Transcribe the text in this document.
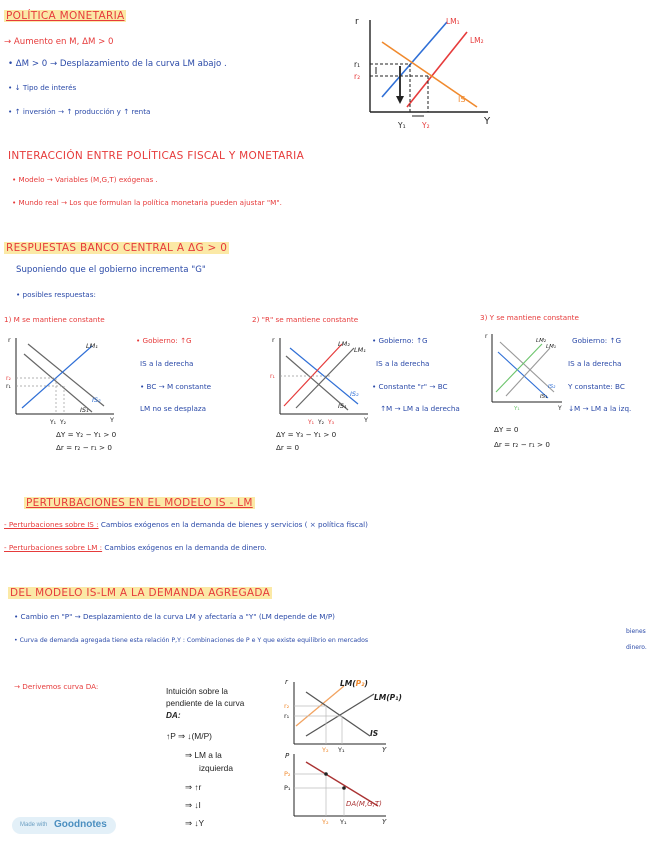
POLÍTICA MONETARIA
→ Aumento en M, ΔM > 0
• ΔM > 0 → Desplazamiento de la curva LM abajo .
• ↓ Tipo de interés
• ↑ inversión → ↑ producción y ↑ renta
r
Y
r₁
r₂
Y₁ Y₂
LM₁
LM₂
IS
INTERACCIÓN ENTRE POLÍTICAS FISCAL Y MONETARIA
• Modelo → Variables (M,G,T) exógenas .
• Mundo real → Los que formulan la política monetaria pueden ajustar "M".
RESPUESTAS BANCO CENTRAL A ΔG > 0
Suponiendo que el gobierno incrementa "G"
• posibles respuestas:
1) M se mantiene constante
r
Y
LM₁
IS₂
IS₁
r₂
r₁
Y₁ Y₂
• Gobierno: ↑G
IS a la derecha
• BC → M constante
LM no se desplaza
ΔY = Y₂ − Y₁ > 0
Δr = r₂ − r₁ > 0
2) "R" se mantiene constante
r
Y
LM₂
LM₁
IS₂
IS₁
r₁
Y₁ Y₂ Y₃
• Gobierno: ↑G
IS a la derecha
• Constante "r" → BC
↑M → LM a la derecha
ΔY = Y₃ − Y₁ > 0
Δr = 0
3) Y se mantiene constante
r
Y
LM₂
LM₁
IS₂
IS₁
Y₁
Gobierno: ↑G
IS a la derecha
Y constante: BC
↓M → LM a la izq.
ΔY = 0
Δr = r₂ − r₁ > 0
PERTURBACIONES EN EL MODELO IS - LM
- Perturbaciones sobre IS : Cambios exógenos en la demanda de bienes y servicios ( × política fiscal)
- Perturbaciones sobre LM : Cambios exógenos en la demanda de dinero.
DEL MODELO IS-LM A LA DEMANDA AGREGADA
• Cambio en "P" ⇝ Desplazamiento de la curva LM y afectaría a "Y" (LM depende de M/P)
• Curva de demanda agregada tiene esta relación P,Y : Combinaciones de P e Y que existe equilibrio en mercados
bienes
dinero.
→ Derivemos curva DA:
Intuición sobre la
pendiente de la curva
DA:
↑P ⇒ ↓(M/P)
⇒ LM a la
izquierda
⇒ ↑r
⇒ ↓I
⇒ ↓Y
r
Y
LM(P₂)
LM(P₁)
IS
r₂
r₁
Y₂ Y₁
P
Y
P₂
P₁
Y₂ Y₁
DA(M,G,T)
Made with Goodnotes
